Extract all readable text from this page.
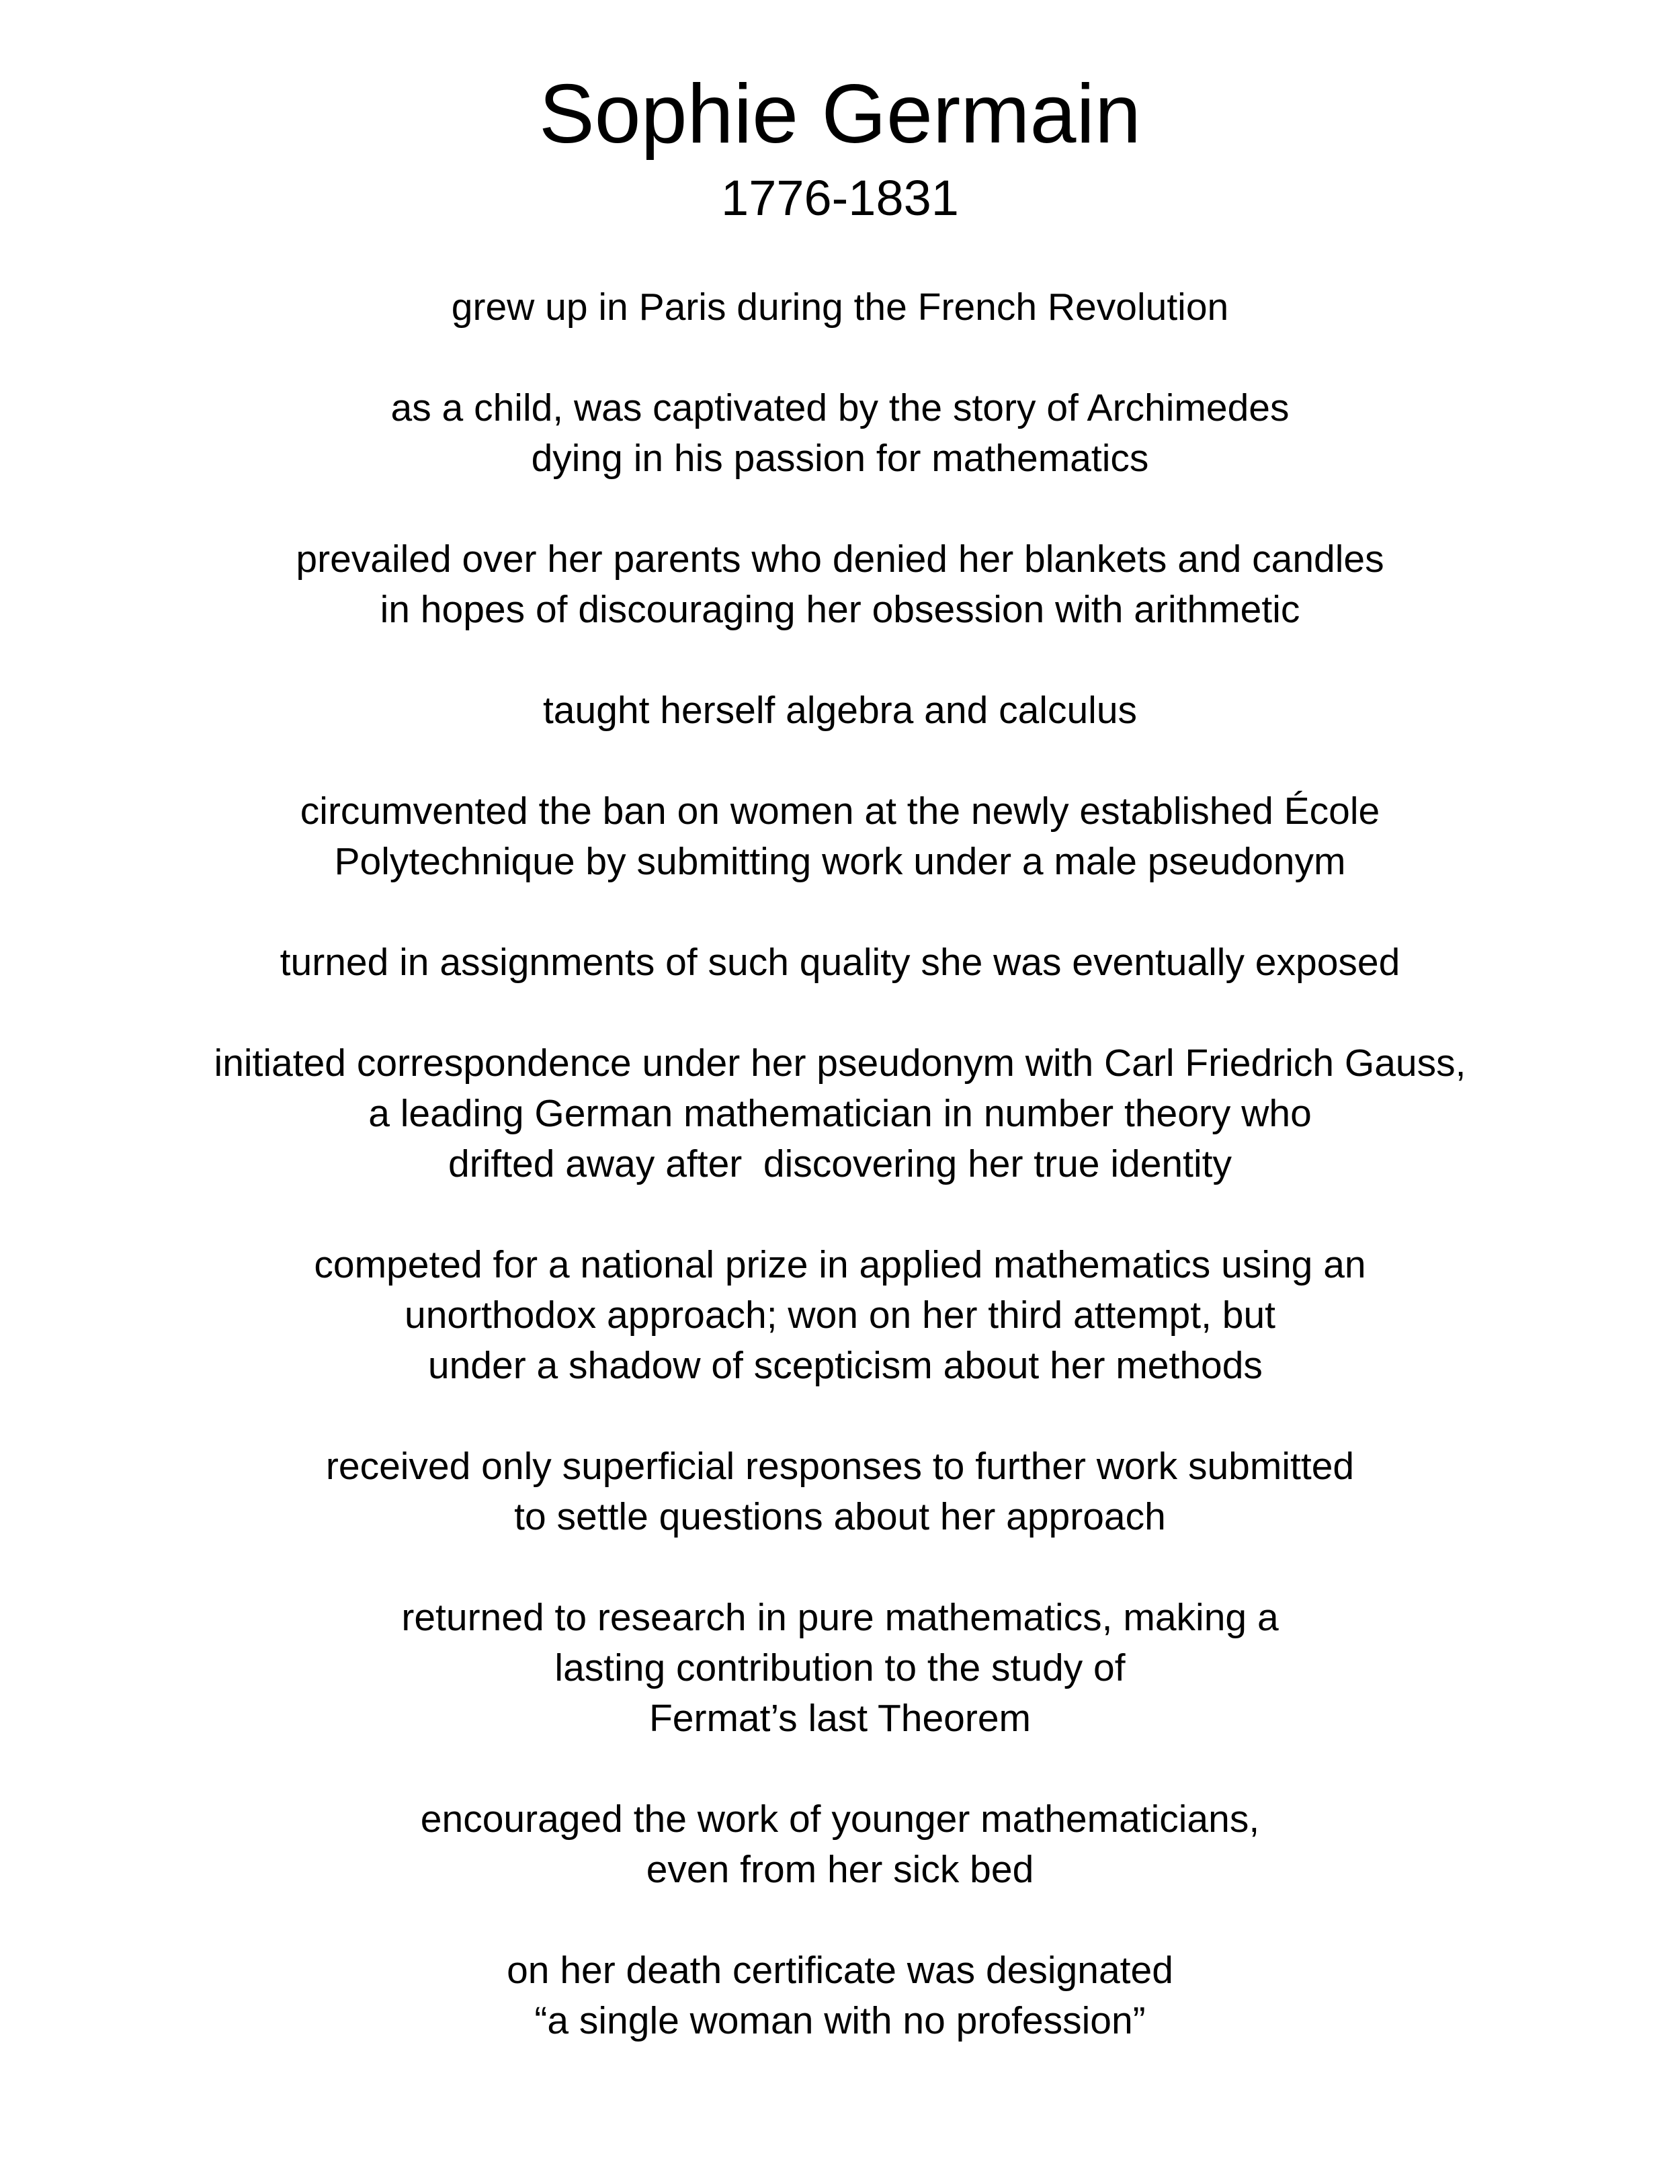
Sophie Germain
1776-1831
grew up in Paris during the French Revolution
as a child, was captivated by the story of Archimedes
dying in his passion for mathematics
prevailed over her parents who denied her blankets and candles
in hopes of discouraging her obsession with arithmetic
taught herself algebra and calculus
circumvented the ban on women at the newly established École
Polytechnique by submitting work under a male pseudonym
turned in assignments of such quality she was eventually exposed
initiated correspondence under her pseudonym with Carl Friedrich Gauss,
a leading German mathematician in number theory who
drifted away after  discovering her true identity
competed for a national prize in applied mathematics using an
unorthodox approach; won on her third attempt, but
under a shadow of scepticism about her methods
received only superficial responses to further work submitted
to settle questions about her approach
returned to research in pure mathematics, making a
lasting contribution to the study of
Fermat’s last Theorem
encouraged the work of younger mathematicians,
even from her sick bed
on her death certificate was designated
“a single woman with no profession”
